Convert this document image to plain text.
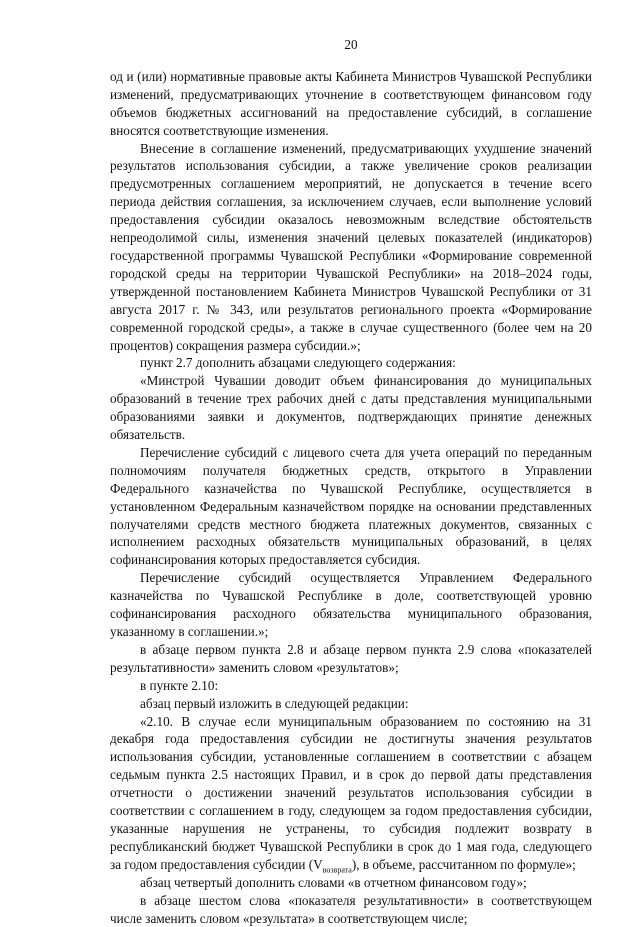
20

од и (или) нормативные правовые акты Кабинета Министров Чувашской Республики изменений, предусматривающих уточнение в соответствующем финансовом году объемов бюджетных ассигнований на предоставление субсидий, в соглашение вносятся соответствующие изменения.

Внесение в соглашение изменений, предусматривающих ухудшение значений результатов использования субсидии, а также увеличение сроков реализации предусмотренных соглашением мероприятий, не допускается в течение всего периода действия соглашения, за исключением случаев, если выполнение условий предоставления субсидии оказалось невозможным вследствие обстоятельств непреодолимой силы, изменения значений целевых показателей (индикаторов) государственной программы Чувашской Республики «Формирование современной городской среды на территории Чувашской Республики» на 2018–2024 годы, утвержденной постановлением Кабинета Министров Чувашской Республики от 31 августа 2017 г. № 343, или результатов регионального проекта «Формирование современной городской среды», а также в случае существенного (более чем на 20 процентов) сокращения размера субсидии.»;

пункт 2.7 дополнить абзацами следующего содержания:

«Минстрой Чувашии доводит объем финансирования до муниципальных образований в течение трех рабочих дней с даты представления муниципальными образованиями заявки и документов, подтверждающих принятие денежных обязательств.

Перечисление субсидий с лицевого счета для учета операций по переданным полномочиям получателя бюджетных средств, открытого в Управлении Федерального казначейства по Чувашской Республике, осуществляется в установленном Федеральным казначейством порядке на основании представленных получателями средств местного бюджета платежных документов, связанных с исполнением расходных обязательств муниципальных образований, в целях софинансирования которых предоставляется субсидия.

Перечисление субсидий осуществляется Управлением Федерального казначейства по Чувашской Республике в доле, соответствующей уровню софинансирования расходного обязательства муниципального образования, указанному в соглашении.»;

в абзаце первом пункта 2.8 и абзаце первом пункта 2.9 слова «показателей результативности» заменить словом «результатов»;

в пункте 2.10:

абзац первый изложить в следующей редакции:

«2.10. В случае если муниципальным образованием по состоянию на 31 декабря года предоставления субсидии не достигнуты значения результатов использования субсидии, установленные соглашением в соответствии с абзацем седьмым пункта 2.5 настоящих Правил, и в срок до первой даты представления отчетности о достижении значений результатов использования субсидии в соответствии с соглашением в году, следующем за годом предоставления субсидии, указанные нарушения не устранены, то субсидия подлежит возврату в республиканский бюджет Чувашской Республики в срок до 1 мая года, следующего за годом предоставления субсидии $(V_{возврата})$, в объеме, рассчитанном по формуле»;

абзац четвертый дополнить словами «в отчетном финансовом году»;

в абзаце шестом слова «показателя результативности» в соответствующем числе заменить словом «результата» в соответствующем числе;
